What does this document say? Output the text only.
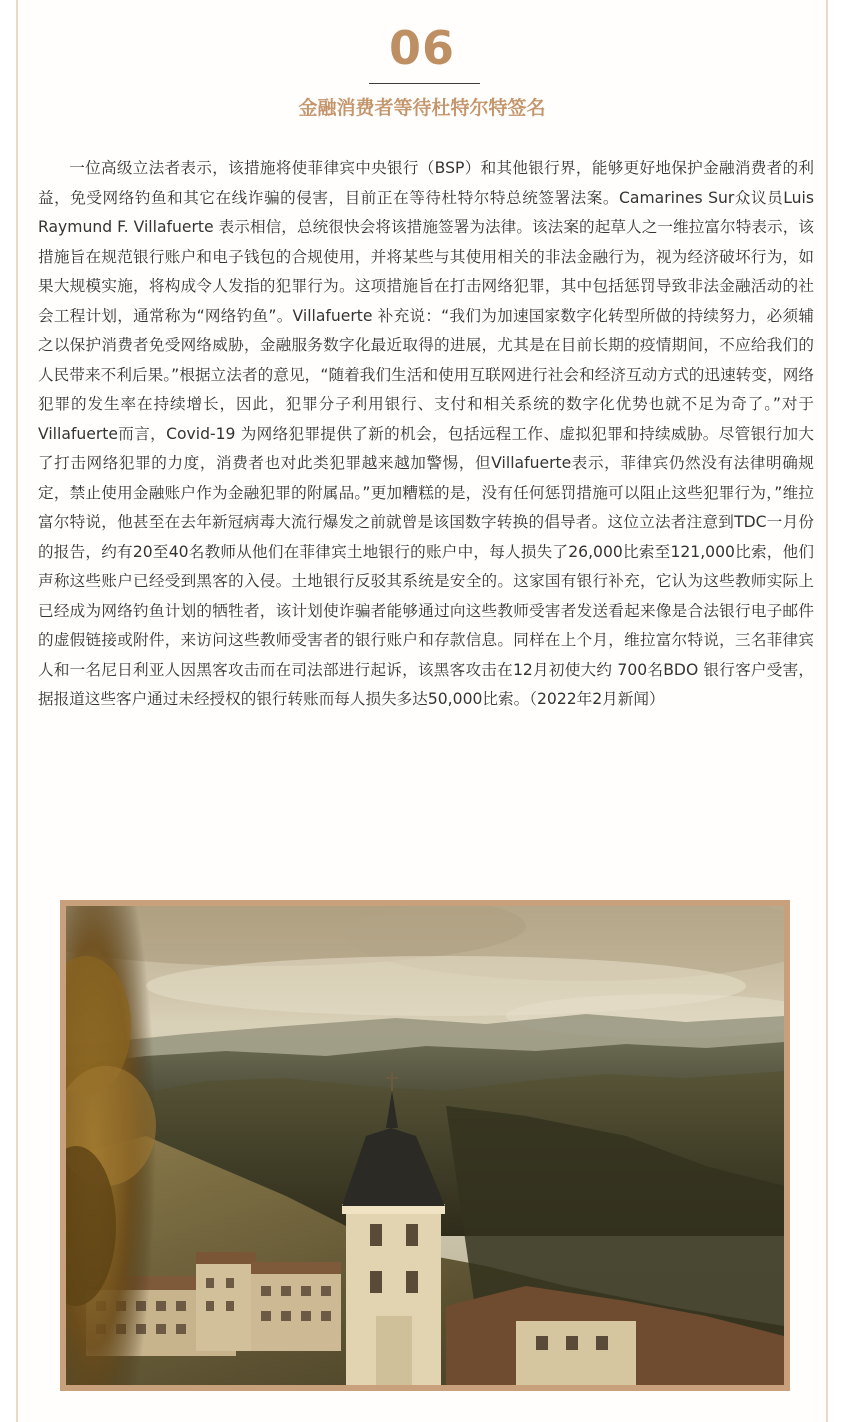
06
金融消费者等待杜特尔特签名

一位高级立法者表示，该措施将使菲律宾中央银行（BSP）和其他银行界，能够更好地保护金融消费者的利益，免受网络钓鱼和其它在线诈骗的侵害，目前正在等待杜特尔特总统签署法案。Camarines Sur众议员Luis Raymund F. Villafuerte 表示相信，总统很快会将该措施签署为法律。该法案的起草人之一维拉富尔特表示，该措施旨在规范银行账户和电子钱包的合规使用，并将某些与其使用相关的非法金融行为，视为经济破坏行为，如果大规模实施，将构成令人发指的犯罪行为。这项措施旨在打击网络犯罪，其中包括惩罚导致非法金融活动的社会工程计划，通常称为“网络钓鱼”。Villafuerte 补充说：“我们为加速国家数字化转型所做的持续努力，必须辅之以保护消费者免受网络威胁，金融服务数字化最近取得的进展，尤其是在目前长期的疫情期间，不应给我们的人民带来不利后果。”根据立法者的意见，“随着我们生活和使用互联网进行社会和经济互动方式的迅速转变，网络犯罪的发生率在持续增长，因此，犯罪分子利用银行、支付和相关系统的数字化优势也就不足为奇了。”对于 Villafuerte而言，Covid-19 为网络犯罪提供了新的机会，包括远程工作、虚拟犯罪和持续威胁。尽管银行加大了打击网络犯罪的力度，消费者也对此类犯罪越来越加警惕，但Villafuerte表示，菲律宾仍然没有法律明确规定，禁止使用金融账户作为金融犯罪的附属品。”更加糟糕的是，没有任何惩罚措施可以阻止这些犯罪行为，”维拉富尔特说，他甚至在去年新冠病毒大流行爆发之前就曾是该国数字转换的倡导者。这位立法者注意到TDC一月份的报告，约有20至40名教师从他们在菲律宾土地银行的账户中，每人损失了26,000比索至121,000比索，他们声称这些账户已经受到黑客的入侵。土地银行反驳其系统是安全的。这家国有银行补充，它认为这些教师实际上已经成为网络钓鱼计划的牺牲者，该计划使诈骗者能够通过向这些教师受害者发送看起来像是合法银行电子邮件的虚假链接或附件，来访问这些教师受害者的银行账户和存款信息。同样在上个月，维拉富尔特说，三名菲律宾人和一名尼日利亚人因黑客攻击而在司法部进行起诉，该黑客攻击在12月初使大约 700名BDO 银行客户受害，据报道这些客户通过未经授权的银行转账而每人损失多达50,000比索。（2022年2月新闻）
